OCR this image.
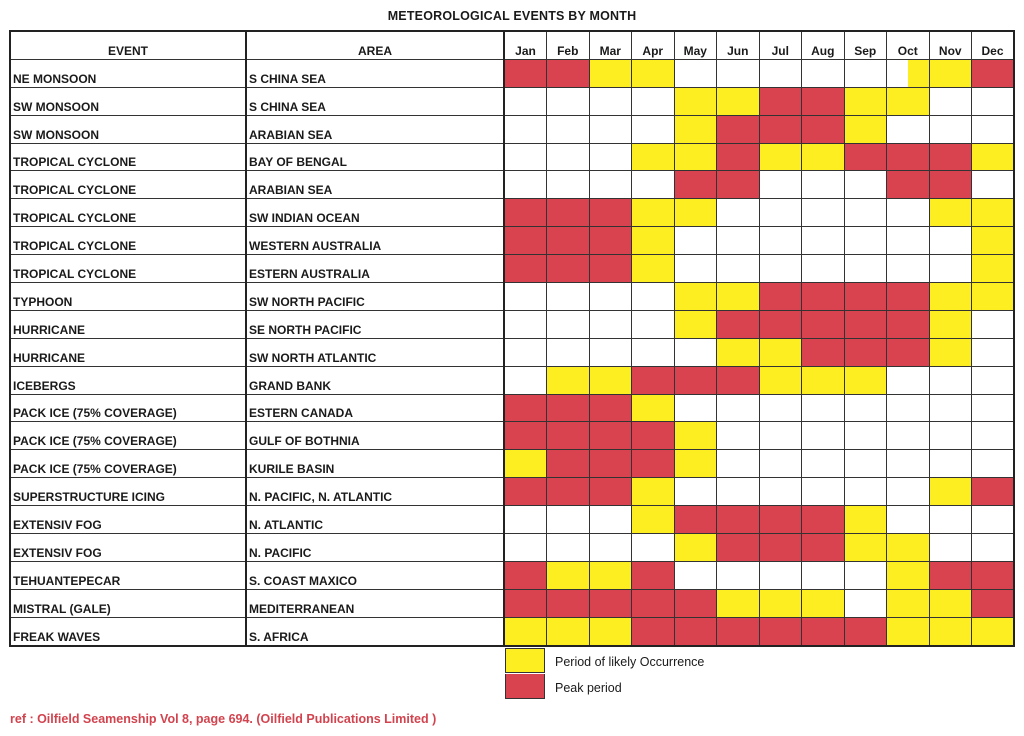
METEOROLOGICAL EVENTS BY MONTH
EVENT	AREA	Jan	Feb	Mar	Apr	May	Jun	Jul	Aug	Sep	Oct	Nov	Dec
NE MONSOON	S CHINA SEA										

SW MONSOON	S CHINA SEA												
SW MONSOON	ARABIAN SEA												
TROPICAL CYCLONE	BAY OF BENGAL												
TROPICAL CYCLONE	ARABIAN SEA												
TROPICAL CYCLONE	SW INDIAN OCEAN												
TROPICAL CYCLONE	WESTERN AUSTRALIA												
TROPICAL CYCLONE	ESTERN AUSTRALIA												
TYPHOON	SW NORTH PACIFIC												
HURRICANE	SE NORTH PACIFIC												
HURRICANE	SW NORTH ATLANTIC												
ICEBERGS	GRAND BANK												
PACK ICE (75% COVERAGE)	ESTERN CANADA												
PACK ICE (75% COVERAGE)	GULF OF BOTHNIA												
PACK ICE (75% COVERAGE)	KURILE BASIN												
SUPERSTRUCTURE ICING	N. PACIFIC, N. ATLANTIC												
EXTENSIV FOG	N. ATLANTIC												
EXTENSIV FOG	N. PACIFIC												
TEHUANTEPECAR	S. COAST MAXICO												
MISTRAL (GALE)	MEDITERRANEAN												
FREAK WAVES	S. AFRICA												
Period of likely Occurrence
Peak period
ref : Oilfield Seamenship Vol 8, page 694. (Oilfield Publications Limited )
